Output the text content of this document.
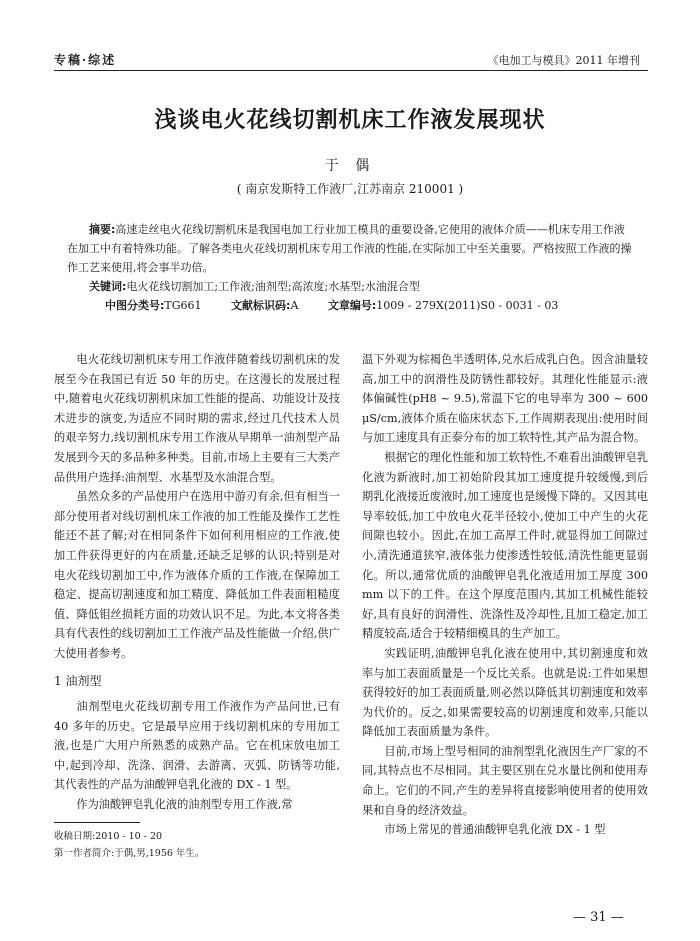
专稿·综述	《电加工与模具》2011 年增刊
浅谈电火花线切割机床工作液发展现状
于 偶
( 南京发斯特工作液厂,江苏南京 210001 )

摘要:高速走丝电火花线切割机床是我国电加工行业加工模具的重要设备,它使用的液体介质——机床专用工作液在加工中有着特殊功能。了解各类电火花线切割机床专用工作液的性能,在实际加工中至关重要。严格按照工作液的操作工艺来使用,将会事半功倍。

关键词:电火花线切割加工;工作液;油剂型;高浓度;水基型;水油混合型

中图分类号:TG661	文献标识码:A	文章编号:1009 - 279X(2011)S0 - 0031 - 03

电火花线切割机床专用工作液伴随着线切割机床的发展至今在我国已有近 50 年的历史。在这漫长的发展过程中,随着电火花线切割机床加工性能的提高、功能设计及技术进步的演变,为适应不同时期的需求,经过几代技术人员的艰辛努力,线切割机床专用工作液从早期单一油剂型产品发展到今天的多品种多种类。目前,市场上主要有三大类产品供用户选择:油剂型、水基型及水油混合型。

虽然众多的产品使用户在选用中游刃有余,但有相当一部分使用者对线切割机床工作液的加工性能及操作工艺性能还不甚了解;对在相同条件下如何利用相应的工作液,使加工件获得更好的内在质量,还缺乏足够的认识;特别是对电火花线切割加工中,作为液体介质的工作液,在保障加工稳定、提高切割速度和加工精度、降低加工件表面粗糙度值、降低钼丝损耗方面的功效认识不足。为此,本文将各类具有代表性的线切割加工工作液产品及性能做一介绍,供广大使用者参考。

1 油剂型

油剂型电火花线切割专用工作液作为产品问世,已有 40 多年的历史。它是最早应用于线切割机床的专用加工液,也是广大用户所熟悉的成熟产品。它在机床放电加工中,起到冷却、洗涤、润滑、去游离、灭弧、防锈等功能,其代表性的产品为油酸钾皂乳化液的 DX - 1 型。

作为油酸钾皂乳化液的油剂型专用工作液,常

温下外观为棕褐色半透明体,兑水后成乳白色。因含油量较高,加工中的润滑性及防锈性都较好。其理化性能显示:液体偏碱性(pH8 ~ 9.5),常温下它的电导率为 300 ~ 600 μS/cm,液体介质在临床状态下,工作周期表现出:使用时间与加工速度具有正泰分布的加工软特性,其产品为混合物。

根据它的理化性能和加工软特性,不难看出油酸钾皂乳化液为新液时,加工初始阶段其加工速度提升较缓慢,到后期乳化液接近废液时,加工速度也是缓慢下降的。又因其电导率较低,加工中放电火花半径较小,使加工中产生的火花间隙也较小。因此,在加工高厚工件时,就显得加工间隙过小,清洗通道狭窄,液体张力使渗透性较低,清洗性能更显弱化。所以,通常优质的油酸钾皂乳化液适用加工厚度 300 mm 以下的工件。在这个厚度范围内,其加工机械性能较好,具有良好的润滑性、洗涤性及冷却性,且加工稳定,加工精度较高,适合于较精细模具的生产加工。

实践证明,油酸钾皂乳化液在使用中,其切割速度和效率与加工表面质量是一个反比关系。也就是说:工件如果想获得较好的加工表面质量,则必然以降低其切割速度和效率为代价的。反之,如果需要较高的切割速度和效率,只能以降低加工表面质量为条件。

目前,市场上型号相同的油剂型乳化液因生产厂家的不同,其特点也不尽相同。其主要区别在兑水量比例和使用寿命上。它们的不同,产生的差异将直接影响使用者的使用效果和自身的经济效益。

市场上常见的普通油酸钾皂乳化液 DX - 1 型

收稿日期:2010 - 10 - 20
第一作者简介:于偶,男,1956 年生。
— 31 —
